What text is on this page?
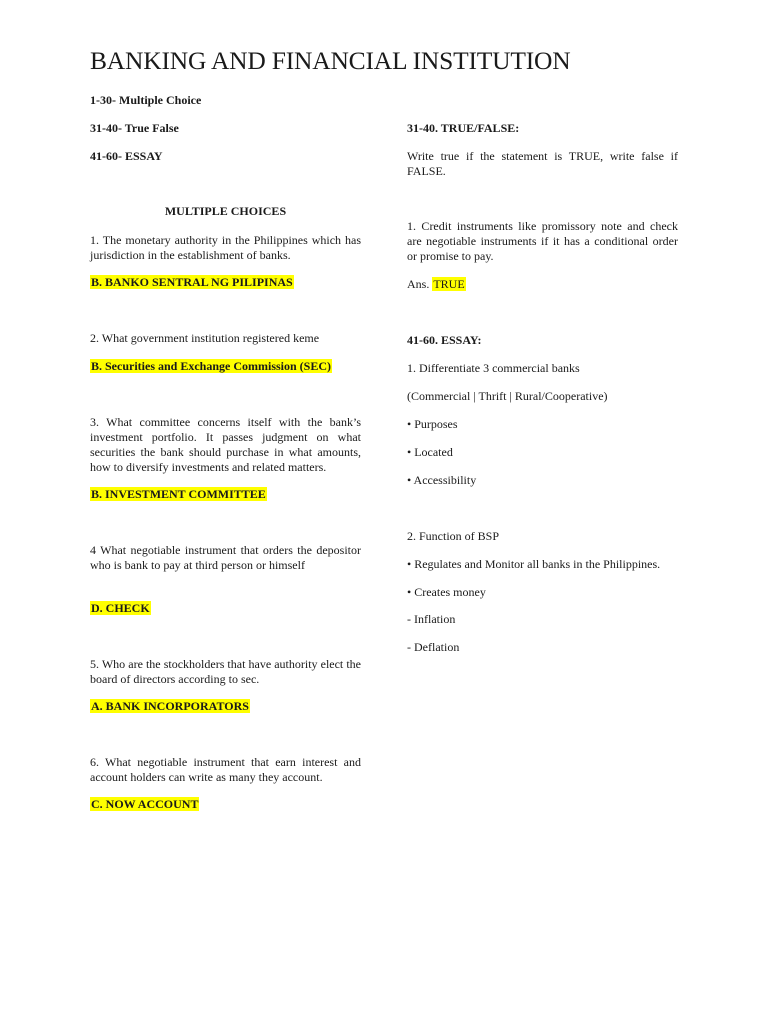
BANKING AND FINANCIAL INSTITUTION

1-30- Multiple Choice

31-40- True False

41-60- ESSAY

MULTIPLE CHOICES

1. The monetary authority in the Philippines which has jurisdiction in the establishment of banks.

B. BANKO SENTRAL NG PILIPINAS

2. What government institution registered keme

B. Securities and Exchange Commission (SEC)

3. What committee concerns itself with the bank’s investment portfolio. It passes judgment on what securities the bank should purchase in what amounts, how to diversify investments and related matters.

B. INVESTMENT COMMITTEE

4 What negotiable instrument that orders the depositor who is bank to pay at third person or himself

D. CHECK

5. Who are the stockholders that have authority elect the board of directors according to sec.

A. BANK INCORPORATORS

6. What negotiable instrument that earn interest and account holders can write as many they account.

C. NOW ACCOUNT

31-40. TRUE/FALSE:

Write true if the statement is TRUE, write false if FALSE.

1. Credit instruments like promissory note and check are negotiable instruments if it has a conditional order or promise to pay.

Ans. TRUE

41-60. ESSAY:

1. Differentiate 3 commercial banks

(Commercial | Thrift | Rural/Cooperative)

• Purposes

• Located

• Accessibility

2. Function of BSP

• Regulates and Monitor all banks in the Philippines.

• Creates money

- Inflation

- Deflation
